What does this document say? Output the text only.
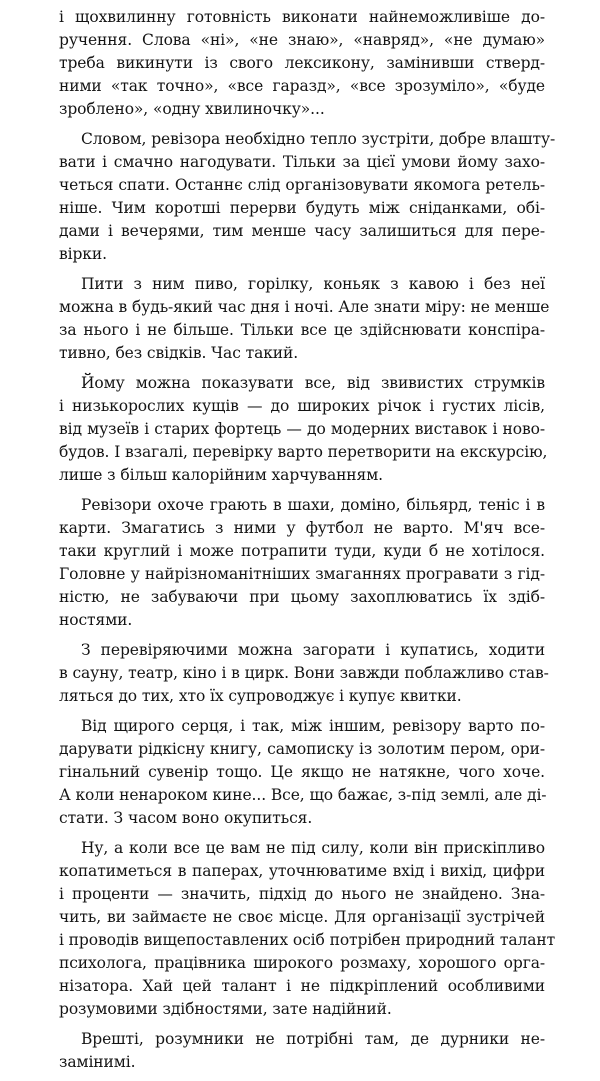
і щохвилинну готовність виконати найнеможливіше до-
ручення. Слова «ні», «не знаю», «навряд», «не думаю»
треба викинути із свого лексикону, замінивши стверд-
ними «так точно», «все гаразд», «все зрозуміло», «буде
зроблено», «одну хвилиночку»...
Словом, ревізора необхідно тепло зустріти, добре влашту-
вати і смачно нагодувати. Тільки за цієї умови йому захо-
четься спати. Останнє слід організовувати якомога ретель-
ніше. Чим коротші перерви будуть між сніданками, обі-
дами і вечерями, тим менше часу залишиться для пере-
вірки.
Пити з ним пиво, горілку, коньяк з кавою і без неї
можна в будь-який час дня і ночі. Але знати міру: не менше
за нього і не більше. Тільки все це здійснювати конспіра-
тивно, без свідків. Час такий.
Йому можна показувати все, від звивистих струмків
і низькорослих кущів — до широких річок і густих лісів,
від музеїв і старих фортець — до модерних виставок і ново-
будов. І взагалі, перевірку варто перетворити на екскурсію,
лише з більш калорійним харчуванням.
Ревізори охоче грають в шахи, доміно, більярд, теніс і в
карти. Змагатись з ними у футбол не варто. М'яч все-
таки круглий і може потрапити туди, куди б не хотілося.
Головне у найрізноманітніших змаганнях програвати з гід-
ністю, не забуваючи при цьому захоплюватись їх здіб-
ностями.
З перевіряючими можна загорати і купатись, ходити
в сауну, театр, кіно і в цирк. Вони завжди поблажливо став-
ляться до тих, хто їх супроводжує і купує квитки.
Від щирого серця, і так, між іншим, ревізору варто по-
дарувати рідкісну книгу, самописку із золотим пером, ори-
гінальний сувенір тощо. Це якщо не натякне, чого хоче.
А коли ненароком кине... Все, що бажає, з-під землі, але ді-
стати. З часом воно окупиться.
Ну, а коли все це вам не під силу, коли він прискіпливо
копатиметься в паперах, уточнюватиме вхід і вихід, цифри
і проценти — значить, підхід до нього не знайдено. Зна-
чить, ви займаєте не своє місце. Для організації зустрічей
і проводів вищепоставлених осіб потрібен природний талант
психолога, працівника широкого розмаху, хорошого орга-
нізатора. Хай цей талант і не підкріплений особливими
розумовими здібностями, зате надійний.
Врешті, розумники не потрібні там, де дурники не-
замінимі.
